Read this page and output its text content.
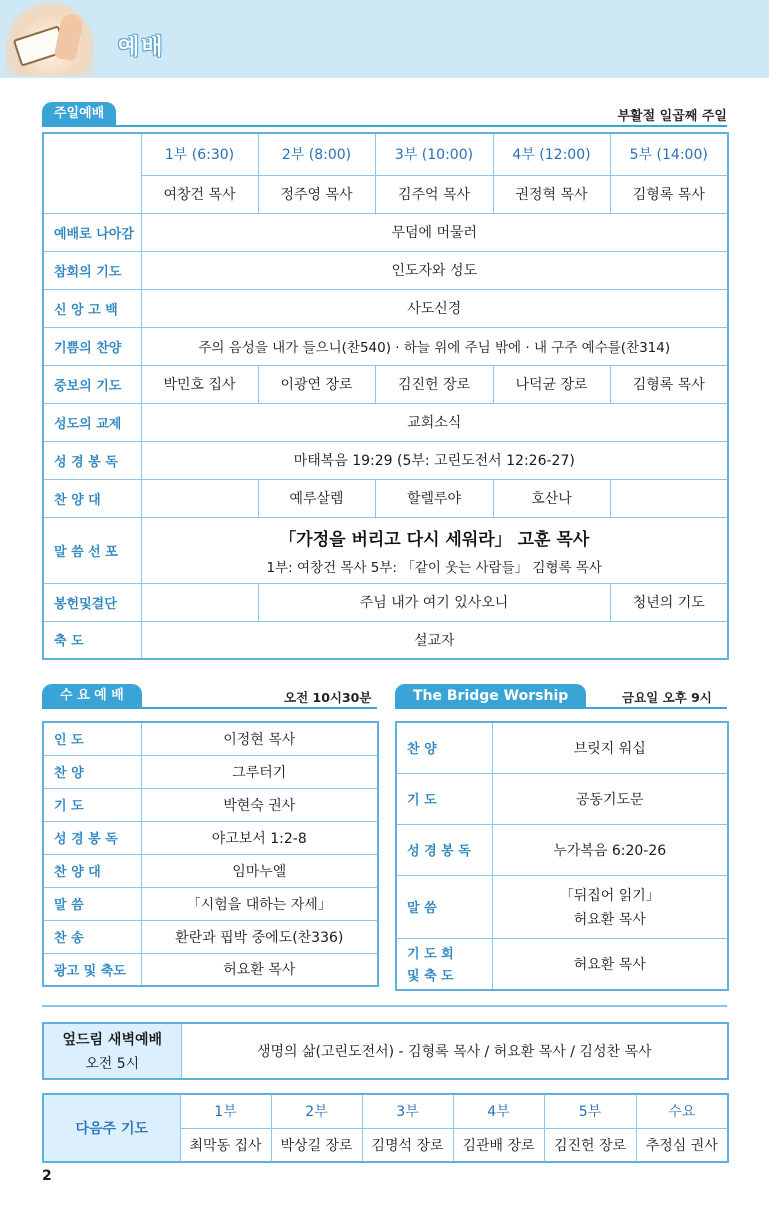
예배
주일예배	부활절 일곱째 주일
	1부 (6:30)	2부 (8:00)	3부 (10:00)	4부 (12:00)	5부 (14:00)
	여창건 목사	정주영 목사	김주억 목사	권정혁 목사	김형록 목사
예배로 나아감	무덤에 머물러				
참회의 기도	인도자와 성도				
신 앙 고 백	사도신경				
기쁨의 찬양	주의 음성을 내가 들으니(찬540) · 하늘 위에 주님 밖에 · 내 구주 예수를(찬314)				
중보의 기도	박민호 집사	이광연 장로	김진헌 장로	나덕균 장로	김형록 목사
성도의 교제	교회소식				
성 경 봉 독	마태복음 19:29 (5부: 고린도전서 12:26-27)				
찬 양 대		예루살렘	할렐루야	호산나	
말 씀 선 포	「가정을 버리고 다시 세워라」 고훈 목사
1부: 여창건 목사 5부: 「같이 웃는 사람들」 김형록 목사				

봉헌및결단		주님 내가 여기 있사오니			청년의 기도
축 도	설교자				
수 요 예 배	오전 10시30분
인 도	이정현 목사
찬 양	그루터기
기 도	박현숙 권사
성 경 봉 독	야고보서 1:2-8
찬 양 대	임마누엘
말 씀	「시험을 대하는 자세」
찬 송	환란과 핍박 중에도(찬336)
광고 및 축도	허요환 목사
The Bridge Worship	금요일 오후 9시
찬 양	브릿지 워십
기 도	공동기도문
성 경 봉 독	누가복음 6:20-26
말 씀	「뒤집어 읽기」
허요환 목사

기 도 회
및 축 도	허요환 목사
엎드림 새벽예배
오전 5시
	생명의 삶(고린도전서) - 김형록 목사 / 허요환 목사 / 김성찬 목사
다음주 기도	1부	2부	3부	4부	5부	수요
	최막동 집사	박상길 장로	김명석 장로	김관배 장로	김진헌 장로	추정심 권사
2
